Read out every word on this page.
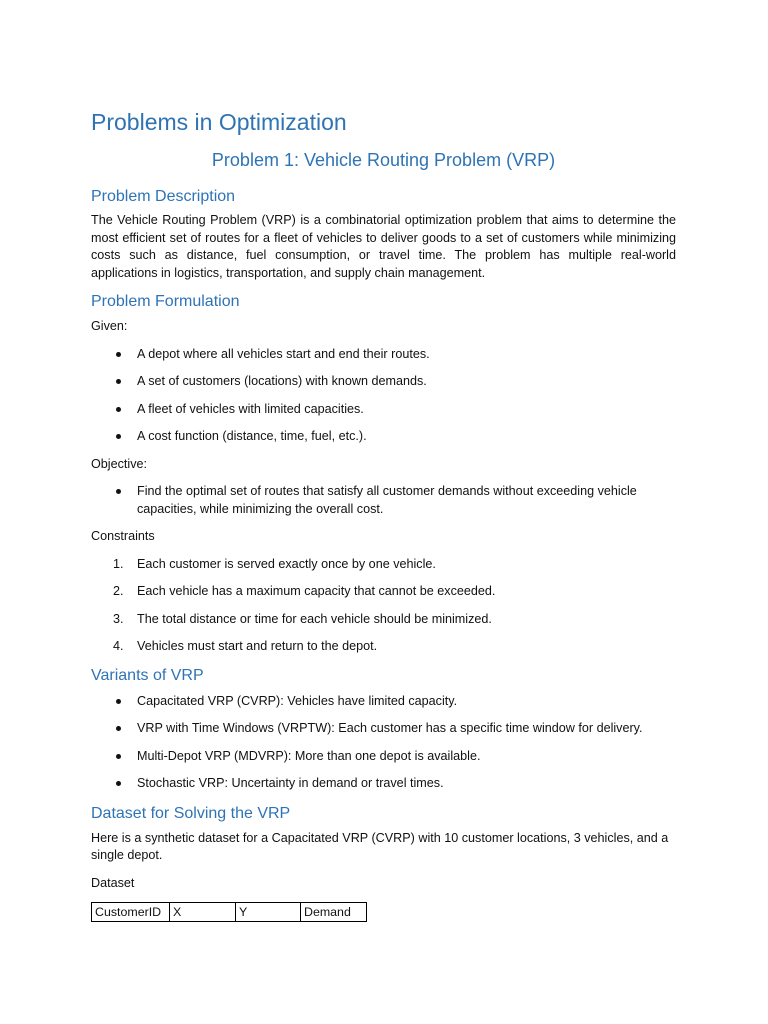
Problems in Optimization
Problem 1: Vehicle Routing Problem (VRP)
Problem Description

The Vehicle Routing Problem (VRP) is a combinatorial optimization problem that aims to determine the most efficient set of routes for a fleet of vehicles to deliver goods to a set of customers while minimizing costs such as distance, fuel consumption, or travel time. The problem has multiple real-world applications in logistics, transportation, and supply chain management.

Problem Formulation

Given:

A depot where all vehicles start and end their routes.
A set of customers (locations) with known demands.
A fleet of vehicles with limited capacities.
A cost function (distance, time, fuel, etc.).

Objective:

Find the optimal set of routes that satisfy all customer demands without exceeding vehicle capacities, while minimizing the overall cost.

Constraints

1.	Each customer is served exactly once by one vehicle.
2.	Each vehicle has a maximum capacity that cannot be exceeded.
3.	The total distance or time for each vehicle should be minimized.
4.	Vehicles must start and return to the depot.
Variants of VRP
Capacitated VRP (CVRP): Vehicles have limited capacity.
VRP with Time Windows (VRPTW): Each customer has a specific time window for delivery.
Multi-Depot VRP (MDVRP): More than one depot is available.
Stochastic VRP: Uncertainty in demand or travel times.
Dataset for Solving the VRP

Here is a synthetic dataset for a Capacitated VRP (CVRP) with 10 customer locations, 3 vehicles, and a single depot.

Dataset

CustomerID	X	Y	Demand
